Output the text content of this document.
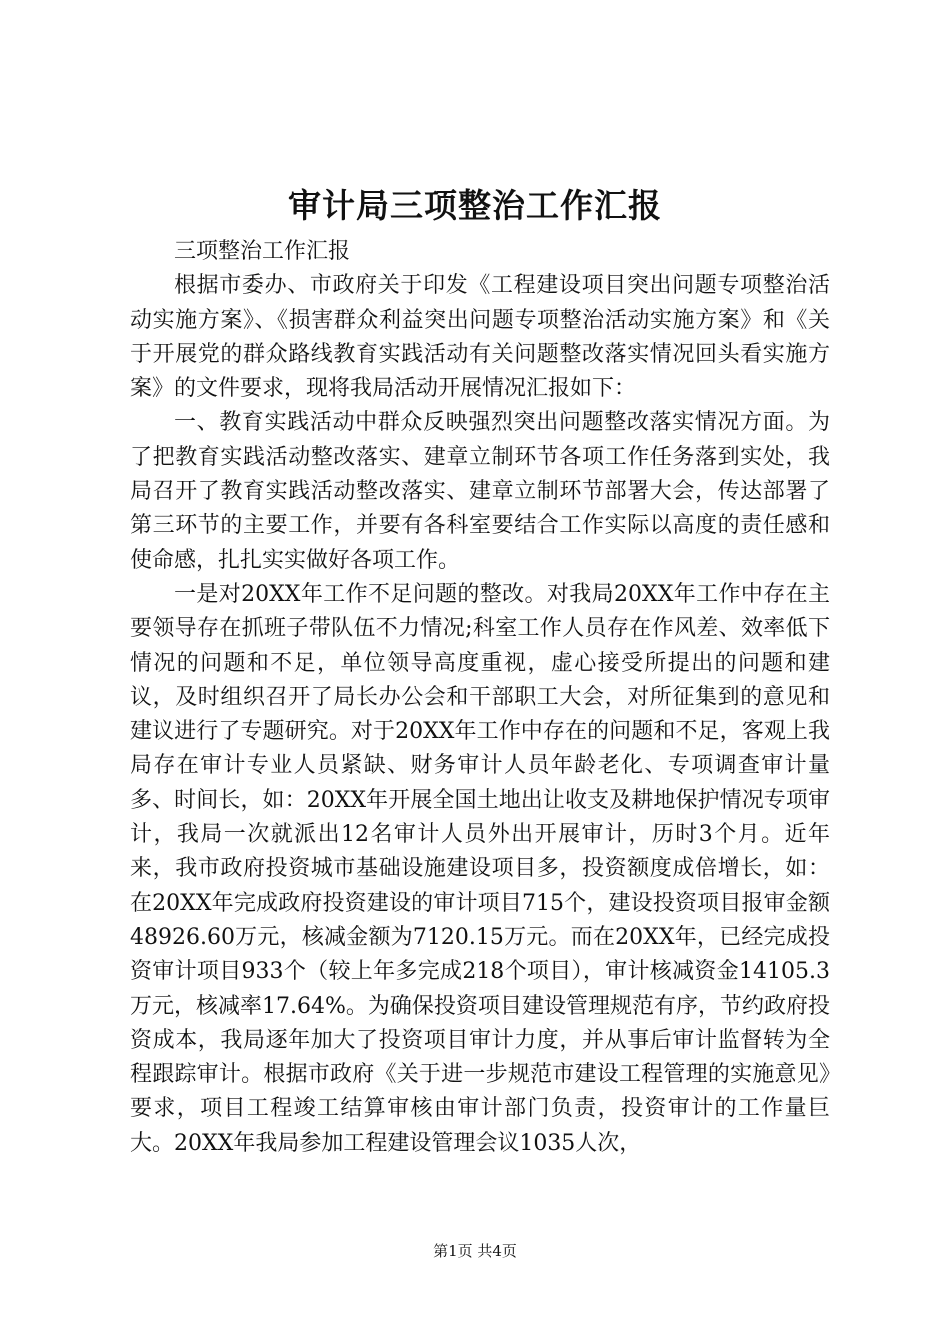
审计局三项整治工作汇报

三项整治工作汇报

根据市委办、市政府关于印发《工程建设项目突出问题专项整治活动实施方案》、《损害群众利益突出问题专项整治活动实施方案》和《关于开展党的群众路线教育实践活动有关问题整改落实情况回头看实施方案》的文件要求，现将我局活动开展情况汇报如下：

一、教育实践活动中群众反映强烈突出问题整改落实情况方面。为了把教育实践活动整改落实、建章立制环节各项工作任务落到实处，我局召开了教育实践活动整改落实、建章立制环节部署大会，传达部署了第三环节的主要工作，并要有各科室要结合工作实际以高度的责任感和使命感，扎扎实实做好各项工作。

一是对20XX年工作不足问题的整改。对我局20XX年工作中存在主要领导存在抓班子带队伍不力情况;科室工作人员存在作风差、效率低下情况的问题和不足，单位领导高度重视，虚心接受所提出的问题和建议，及时组织召开了局长办公会和干部职工大会，对所征集到的意见和建议进行了专题研究。对于20XX年工作中存在的问题和不足，客观上我局存在审计专业人员紧缺、财务审计人员年龄老化、专项调查审计量多、时间长，如：20XX年开展全国土地出让收支及耕地保护情况专项审计，我局一次就派出12名审计人员外出开展审计，历时3个月。近年来，我市政府投资城市基础设施建设项目多，投资额度成倍增长，如：在20XX年完成政府投资建设的审计项目715个，建设投资项目报审金额48926.60万元，核减金额为7120.15万元。而在20XX年，已经完成投资审计项目933个（较上年多完成218个项目），审计核减资金14105.3万元，核减率17.64%。为确保投资项目建设管理规范有序，节约政府投资成本，我局逐年加大了投资项目审计力度，并从事后审计监督转为全程跟踪审计。根据市政府《关于进一步规范市建设工程管理的实施意见》要求，项目工程竣工结算审核由审计部门负责，投资审计的工作量巨大。20XX年我局参加工程建设管理会议1035人次，

第1页 共4页
